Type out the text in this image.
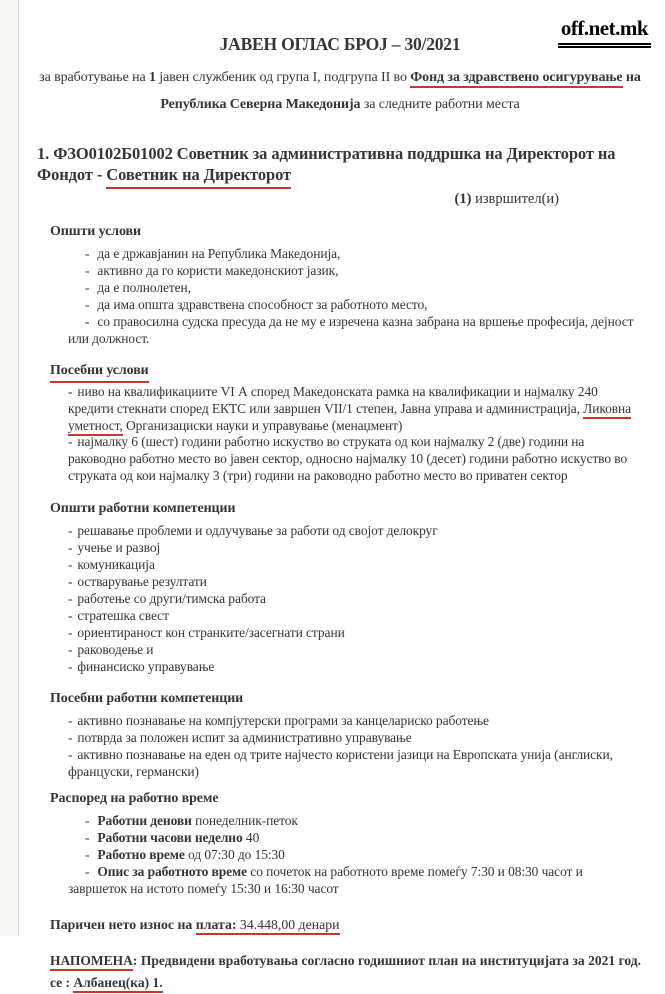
off.net.mk
ЈАВЕН ОГЛАС БРОЈ – 30/2021
за вработување на 1 јавен службеник од група I, подгрупа II во Фонд за здравствено осигурување на Република Северна Македонија за следните работни места
1. ФЗО0102Б01002 Советник за административна поддршка на Директорот на Фондот - Советник на Директорот
(1) извршител(и)
Општи услови
- да е државјанин на Република Македонија,
- активно да го користи македонскиот јазик,
- да е полнолетен,
- да има општа здравствена способност за работното место,
- со правосилна судска пресуда да не му е изречена казна забрана на вршење професија, дејност или должност.
Посебни услови
- ниво на квалификациите VI А според Македонската рамка на квалификации и најмалку 240 кредити стекнати според ЕКТС или завршен VII/1 степен, Јавна управа и администрација, Ликовна уметност, Организациски науки и управување (менаџмент)
- најмалку 6 (шест) години работно искуство во струката од кои најмалку 2 (две) години на раководно работно место во јавен сектор, односно најмалку 10 (десет) години работно искуство во струката од кои најмалку 3 (три) години на раководно работно место во приватен сектор
Општи работни компетенции
- решавање проблеми и одлучување за работи од својот делокруг
- учење и развој
- комуникација
- остварување резултати
- работење со други/тимска работа
- стратешка свест
- ориентираност кон странките/засегнати страни
- раководење и
- финансиско управување
Посебни работни компетенции
- активно познавање на компјутерски програми за канцелариско работење
- потврда за положен испит за административно управување
- активно познавање на еден од трите најчесто користени јазици на Европската унија (англиски, француски, германски)
Распоред на работно време
- Работни денови понеделник-петок
- Работни часови неделно 40
- Работно време од 07:30 до 15:30
- Опис за работното време со почеток на работното време помеѓу 7:30 и 08:30 часот и завршеток на истото помеѓу 15:30 и 16:30 часот
Паричен нето износ на плата: 34.448,00 денари
НАПОМЕНА: Предвидени вработувања согласно годишниот план на институцијата за 2021 год. се : Албанец(ка) 1.
